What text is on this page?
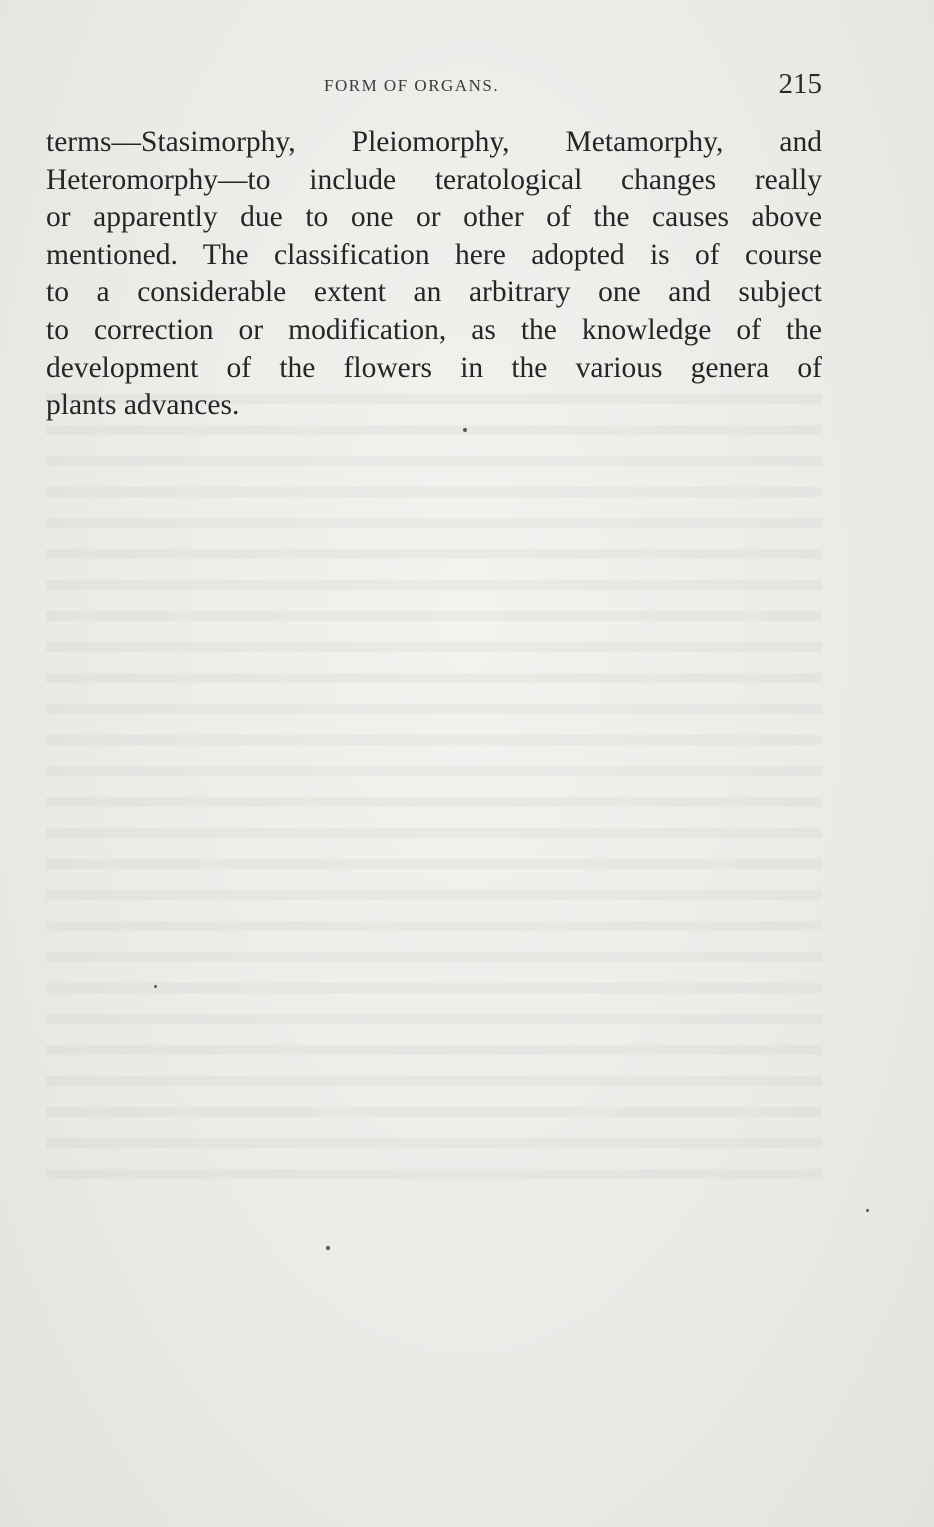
FORM OF ORGANS.	215
terms—Stasimorphy, Pleiomorphy, Metamorphy, and
Heteromorphy—to include teratological changes really
or apparently due to one or other of the causes above
mentioned. The classification here adopted is of course
to a considerable extent an arbitrary one and subject
to correction or modification, as the knowledge of the
development of the flowers in the various genera of
plants advances.
